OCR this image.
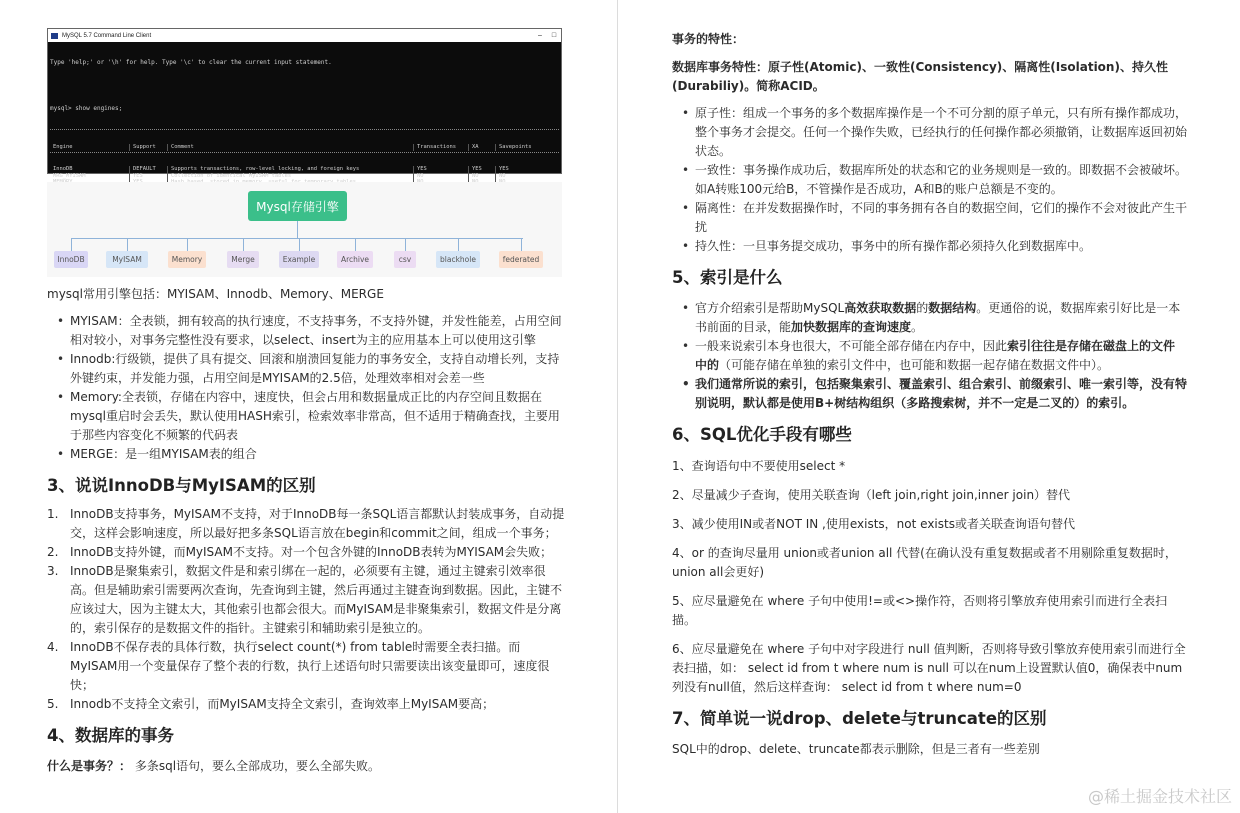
MySQL 5.7 Command Line Client	–	□

Type 'help;' or '\h' for help. Type '\c' to clear the current input statement.

mysql> show engines;

Engine	Support	Comment	Transactions	XA	Savepoints

InnoDB	DEFAULT	Supports transactions, row-level locking, and foreign keys	YES	YES	YES
MRG_MYISAM	YES	Collection of identical MyISAM tables	NO	NO	NO

Mysql存储引擎
InnoDB	MyISAM	Memory	Merge	Example	Archive	csv	blackhole	federated

mysql常用引擎包括：MYISAM、Innodb、Memory、MERGE

• MYISAM：全表锁，拥有较高的执行速度，不支持事务，不支持外键，并发性能差，占用空间相对较小，对事务完整性没有要求，以select、insert为主的应用基本上可以使用这引擎
• Innodb:行级锁，提供了具有提交、回滚和崩溃回复能力的事务安全，支持自动增长列，支持外键约束，并发能力强，占用空间是MYISAM的2.5倍，处理效率相对会差一些
• Memory:全表锁，存储在内容中，速度快，但会占用和数据量成正比的内存空间且数据在mysql重启时会丢失，默认使用HASH索引，检索效率非常高，但不适用于精确查找，主要用于那些内容变化不频繁的代码表
• MERGE：是一组MYISAM表的组合
3、说说InnoDB与MyISAM的区别
1. InnoDB支持事务，MyISAM不支持，对于InnoDB每一条SQL语言都默认封装成事务，自动提交，这样会影响速度，所以最好把多条SQL语言放在begin和commit之间，组成一个事务；
2. InnoDB支持外键，而MyISAM不支持。对一个包含外键的InnoDB表转为MYISAM会失败；
3. InnoDB是聚集索引，数据文件是和索引绑在一起的，必须要有主键，通过主键索引效率很高。但是辅助索引需要两次查询，先查询到主键，然后再通过主键查询到数据。因此，主键不应该过大，因为主键太大，其他索引也都会很大。而MyISAM是非聚集索引，数据文件是分离的，索引保存的是数据文件的指针。主键索引和辅助索引是独立的。
4. InnoDB不保存表的具体行数，执行select count(*) from table时需要全表扫描。而MyISAM用一个变量保存了整个表的行数，执行上述语句时只需要读出该变量即可，速度很快；
5. Innodb不支持全文索引，而MyISAM支持全文索引，查询效率上MyISAM要高；
4、数据库的事务

什么是事务？： 多条sql语句，要么全部成功，要么全部失败。

事务的特性：

数据库事务特性：原子性(Atomic)、一致性(Consistency)、隔离性(Isolation)、持久性(Durabiliy)。简称ACID。

• 原子性：组成一个事务的多个数据库操作是一个不可分割的原子单元，只有所有操作都成功，整个事务才会提交。任何一个操作失败，已经执行的任何操作都必须撤销，让数据库返回初始状态。
• 一致性：事务操作成功后，数据库所处的状态和它的业务规则是一致的。即数据不会被破坏。如A转账100元给B，不管操作是否成功，A和B的账户总额是不变的。
• 隔离性：在并发数据操作时，不同的事务拥有各自的数据空间，它们的操作不会对彼此产生干扰
• 持久性：一旦事务提交成功，事务中的所有操作都必须持久化到数据库中。
5、索引是什么
• 官方介绍索引是帮助MySQL高效获取数据的数据结构。更通俗的说，数据库索引好比是一本书前面的目录，能加快数据库的查询速度。
• 一般来说索引本身也很大，不可能全部存储在内存中，因此索引往往是存储在磁盘上的文件中的（可能存储在单独的索引文件中，也可能和数据一起存储在数据文件中）。
• 我们通常所说的索引，包括聚集索引、覆盖索引、组合索引、前缀索引、唯一索引等，没有特别说明，默认都是使用B+树结构组织（多路搜索树，并不一定是二叉的）的索引。
6、SQL优化手段有哪些

1、查询语句中不要使用select *

2、尽量减少子查询，使用关联查询（left join,right join,inner join）替代

3、减少使用IN或者NOT IN ,使用exists，not exists或者关联查询语句替代

4、or 的查询尽量用 union或者union all 代替(在确认没有重复数据或者不用剔除重复数据时，union all会更好)

5、应尽量避免在 where 子句中使用!=或<>操作符，否则将引擎放弃使用索引而进行全表扫描。

6、应尽量避免在 where 子句中对字段进行 null 值判断，否则将导致引擎放弃使用索引而进行全表扫描，如： select id from t where num is null 可以在num上设置默认值0，确保表中num列没有null值，然后这样查询： select id from t where num=0

7、简单说一说drop、delete与truncate的区别

SQL中的drop、delete、truncate都表示删除，但是三者有一些差别

@稀土掘金技术社区
